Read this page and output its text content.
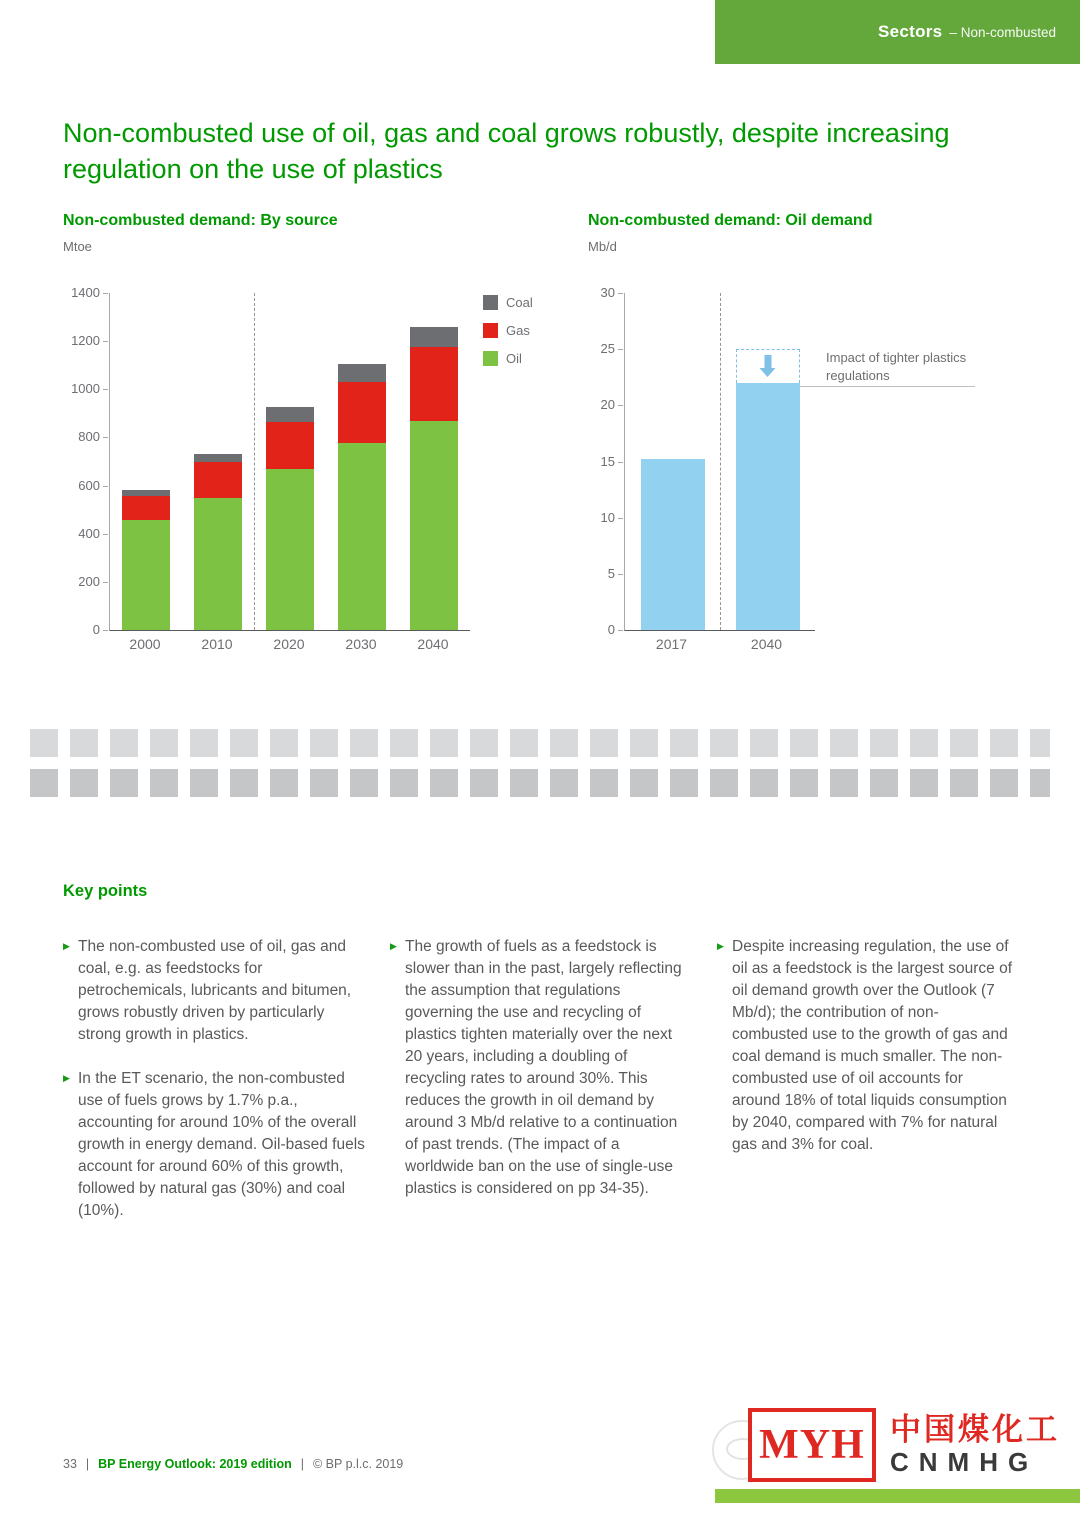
Sectors – Non-combusted
Non-combusted use of oil, gas and coal grows robustly, despite increasing regulation on the use of plastics
Non-combusted demand: By source	Non-combusted demand: Oil demand
Mtoe	Mb/d
0
200
400
600
800
1000
1200
1400
2000	2010	2020	2030	2040
Coal
Gas
Oil
0
5
10
15
20
25
30
2017	2040
Impact of tighter plastics regulations
Key points
▶ The non-combusted use of oil, gas and coal, e.g. as feedstocks for petrochemicals, lubricants and bitumen, grows robustly driven by particularly strong growth in plastics.
▶ In the ET scenario, the non-combusted use of fuels grows by 1.7% p.a., accounting for around 10% of the overall growth in energy demand. Oil-based fuels account for around 60% of this growth, followed by natural gas (30%) and coal (10%).
▶ The growth of fuels as a feedstock is slower than in the past, largely reflecting the assumption that regulations governing the use and recycling of plastics tighten materially over the next 20 years, including a doubling of recycling rates to around 30%. This reduces the growth in oil demand by around 3 Mb/d relative to a continuation of past trends. (The impact of a worldwide ban on the use of single-use plastics is considered on pp 34-35).
▶ Despite increasing regulation, the use of oil as a feedstock is the largest source of oil demand growth over the Outlook (7 Mb/d); the contribution of non-combusted use to the growth of gas and coal demand is much smaller. The non-combusted use of oil accounts for around 18% of total liquids consumption by 2040, compared with 7% for natural gas and 3% for coal.
33 | BP Energy Outlook: 2019 edition | © BP p.l.c. 2019	MYH 中国煤化工
CNMHG
